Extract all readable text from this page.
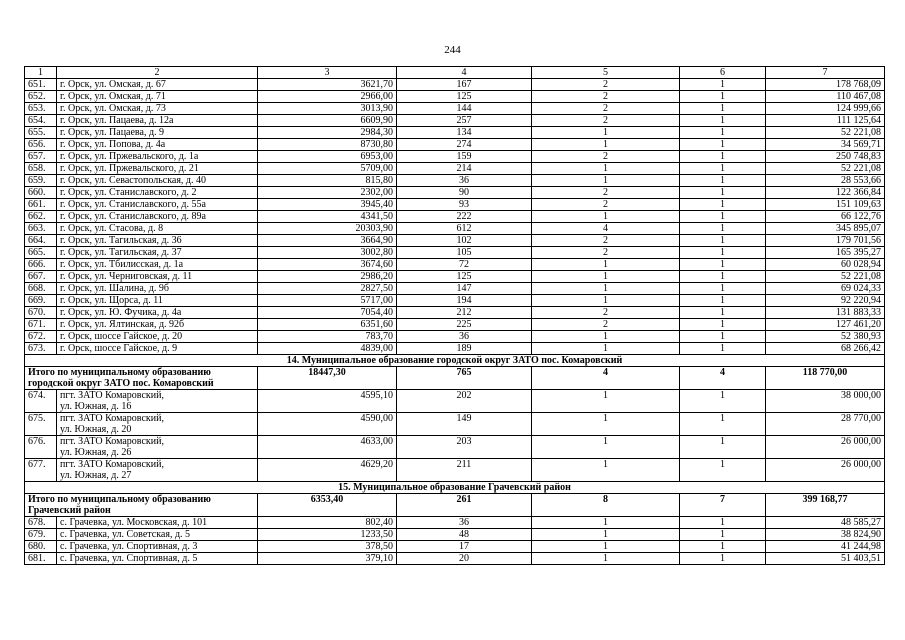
244
1	2	3	4	5	6	7
651.	г. Орск, ул. Омская, д. 67	3621,70	167	2	1	178 768,09
652.	г. Орск, ул. Омская, д. 71	2966,00	125	2	1	110 467,08
653.	г. Орск, ул. Омская, д. 73	3013,90	144	2	1	124 999,66
654.	г. Орск, ул. Пацаева, д. 12а	6609,90	257	2	1	111 125,64
655.	г. Орск, ул. Пацаева, д. 9	2984,30	134	1	1	52 221,08
656.	г. Орск, ул. Попова, д. 4а	8730,80	274	1	1	34 569,71
657.	г. Орск, ул. Пржевальского, д. 1а	6953,00	159	2	1	250 748,83
658.	г. Орск, ул. Пржевальского, д. 21	5709,00	214	1	1	52 221,08
659.	г. Орск, ул. Севастопольская, д. 40	815,80	36	1	1	28 553,66
660.	г. Орск, ул. Станиславского, д. 2	2302,00	90	2	1	122 366,84
661.	г. Орск, ул. Станиславского, д. 55а	3945,40	93	2	1	151 109,63
662.	г. Орск, ул. Станиславского, д. 89а	4341,50	222	1	1	66 122,76
663.	г. Орск, ул. Стасова, д. 8	20303,90	612	4	1	345 895,07
664.	г. Орск, ул. Тагильская, д. 36	3664,90	102	2	1	179 701,56
665.	г. Орск, ул. Тагильская, д. 37	3002,80	105	2	1	165 395,27
666.	г. Орск, ул. Тбилисская, д. 1а	3674,60	72	1	1	60 028,94
667.	г. Орск, ул. Черниговская, д. 11	2986,20	125	1	1	52 221,08
668.	г. Орск, ул. Шалина, д. 9б	2827,50	147	1	1	69 024,33
669.	г. Орск, ул. Щорса, д. 11	5717,00	194	1	1	92 220,94
670.	г. Орск, ул. Ю. Фучика, д. 4а	7054,40	212	2	1	131 883,33
671.	г. Орск, ул. Ялтинская, д. 92б	6351,60	225	2	1	127 461,20
672.	г. Орск, шоссе Гайское, д. 20	783,70	36	1	1	52 380,93
673.	г. Орск, шоссе Гайское, д. 9	4839,00	189	1	1	68 266,42
14. Муниципальное образование городской округ ЗАТО пос. Комаровский						
Итого по муниципальному образованию городской округ ЗАТО пос. Комаровский		18447,30	765	4	4	118 770,00
674.	пгт. ЗАТО Комаровский,
ул. Южная, д. 16	4595,10	202	1	1	38 000,00
675.	пгт. ЗАТО Комаровский,
ул. Южная, д. 20	4590,00	149	1	1	28 770,00
676.	пгт. ЗАТО Комаровский,
ул. Южная, д. 26	4633,00	203	1	1	26 000,00
677.	пгт. ЗАТО Комаровский,
ул. Южная, д. 27	4629,20	211	1	1	26 000,00
15. Муниципальное образование Грачевский район						
Итого по муниципальному образованию Грачевский район		6353,40	261	8	7	399 168,77
678.	с. Грачевка, ул. Московская, д. 101	802,40	36	1	1	48 585,27
679.	с. Грачевка, ул. Советская, д. 5	1233,50	48	1	1	38 824,90
680.	с. Грачевка, ул. Спортивная, д. 3	378,50	17	1	1	41 244,98
681.	с. Грачевка, ул. Спортивная, д. 5	379,10	20	1	1	51 403,51
